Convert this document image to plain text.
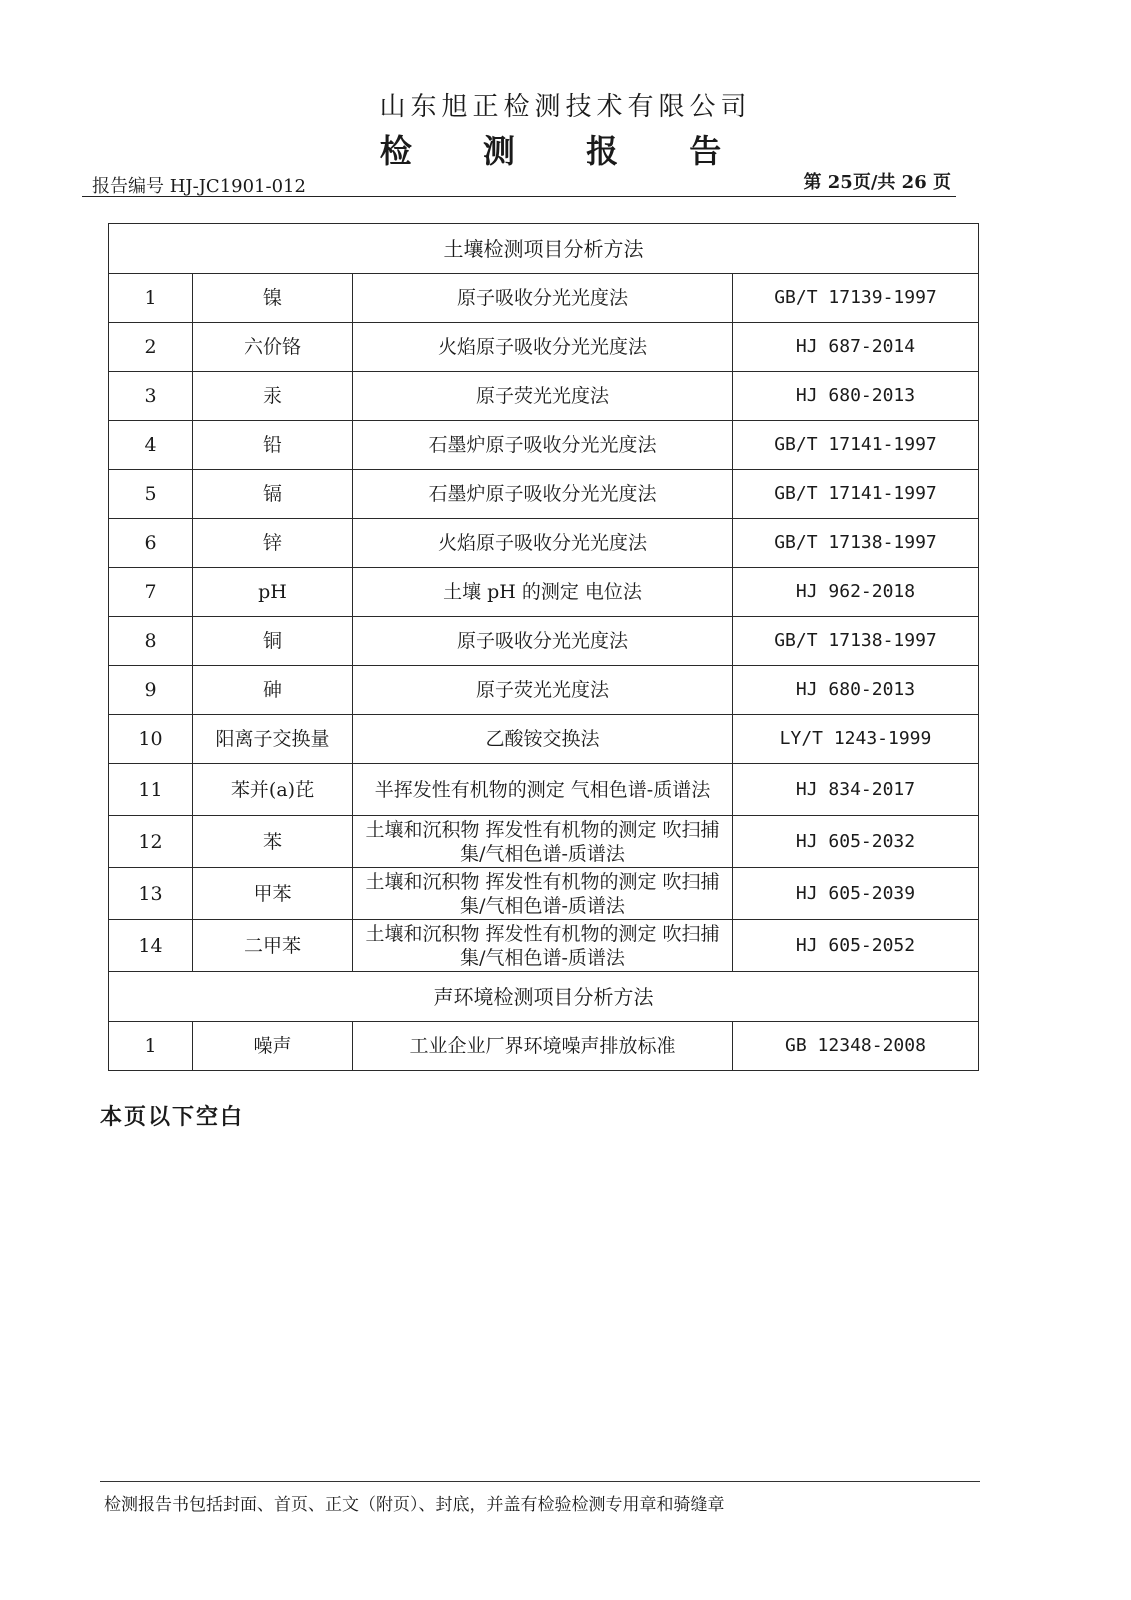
山东旭正检测技术有限公司
检 测 报 告
报告编号 HJ-JC1901-012	第 25页/共 26 页
土壤检测项目分析方法			
1	镍	原子吸收分光光度法	GB/T 17139-1997
2	六价铬	火焰原子吸收分光光度法	HJ 687-2014
3	汞	原子荧光光度法	HJ 680-2013
4	铅	石墨炉原子吸收分光光度法	GB/T 17141-1997
5	镉	石墨炉原子吸收分光光度法	GB/T 17141-1997
6	锌	火焰原子吸收分光光度法	GB/T 17138-1997
7	pH	土壤 pH 的测定 电位法	HJ 962-2018
8	铜	原子吸收分光光度法	GB/T 17138-1997
9	砷	原子荧光光度法	HJ 680-2013
10	阳离子交换量	乙酸铵交换法	LY/T 1243-1999
11	苯并(a)芘	半挥发性有机物的测定 气相色谱-质谱法	HJ 834-2017
12	苯	土壤和沉积物 挥发性有机物的测定 吹扫捕集/气相色谱-质谱法	HJ 605-2032
13	甲苯	土壤和沉积物 挥发性有机物的测定 吹扫捕集/气相色谱-质谱法	HJ 605-2039
14	二甲苯	土壤和沉积物 挥发性有机物的测定 吹扫捕集/气相色谱-质谱法	HJ 605-2052
声环境检测项目分析方法			
1	噪声	工业企业厂界环境噪声排放标准	GB 12348-2008
本页以下空白
检测报告书包括封面、首页、正文（附页）、封底，并盖有检验检测专用章和骑缝章
